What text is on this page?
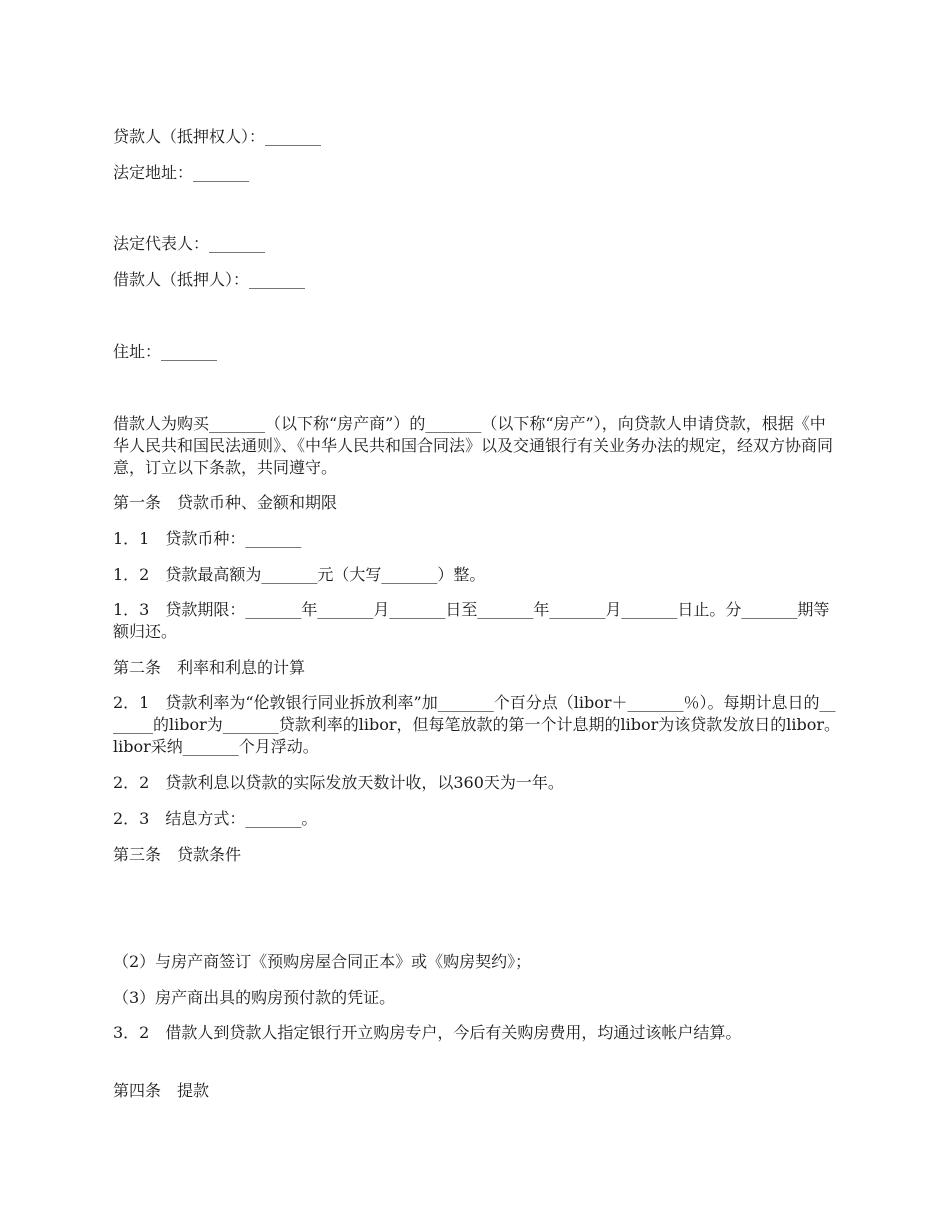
贷款人（抵押权人）：_______
法定地址：_______
法定代表人：_______
借款人（抵押人）：_______
住址：_______
借款人为购买_______（以下称“房产商”）的_______（以下称“房产”），向贷款人申请贷款，根据《中华人民共和国民法通则》、《中华人民共和国合同法》以及交通银行有关业务办法的规定，经双方协商同意，订立以下条款，共同遵守。
第一条　贷款币种、金额和期限
1．1　贷款币种：_______
1．2　贷款最高额为_______元（大写_______）整。
1．3　贷款期限：_______年_______月_______日至_______年_______月_______日止。分_______期等额归还。
第二条　利率和利息的计算
2．1　贷款利率为“伦敦银行同业拆放利率”加_______个百分点（libor＋_______％）。每期计息日的_______的libor为_______贷款利率的libor，但每笔放款的第一个计息期的libor为该贷款发放日的libor。libor采纳_______个月浮动。
2．2　贷款利息以贷款的实际发放天数计收，以360天为一年。
2．3　结息方式：_______。
第三条　贷款条件
（2）与房产商签订《预购房屋合同正本》或《购房契约》；
（3）房产商出具的购房预付款的凭证。
3．2　借款人到贷款人指定银行开立购房专户，今后有关购房费用，均通过该帐户结算。
第四条　提款
